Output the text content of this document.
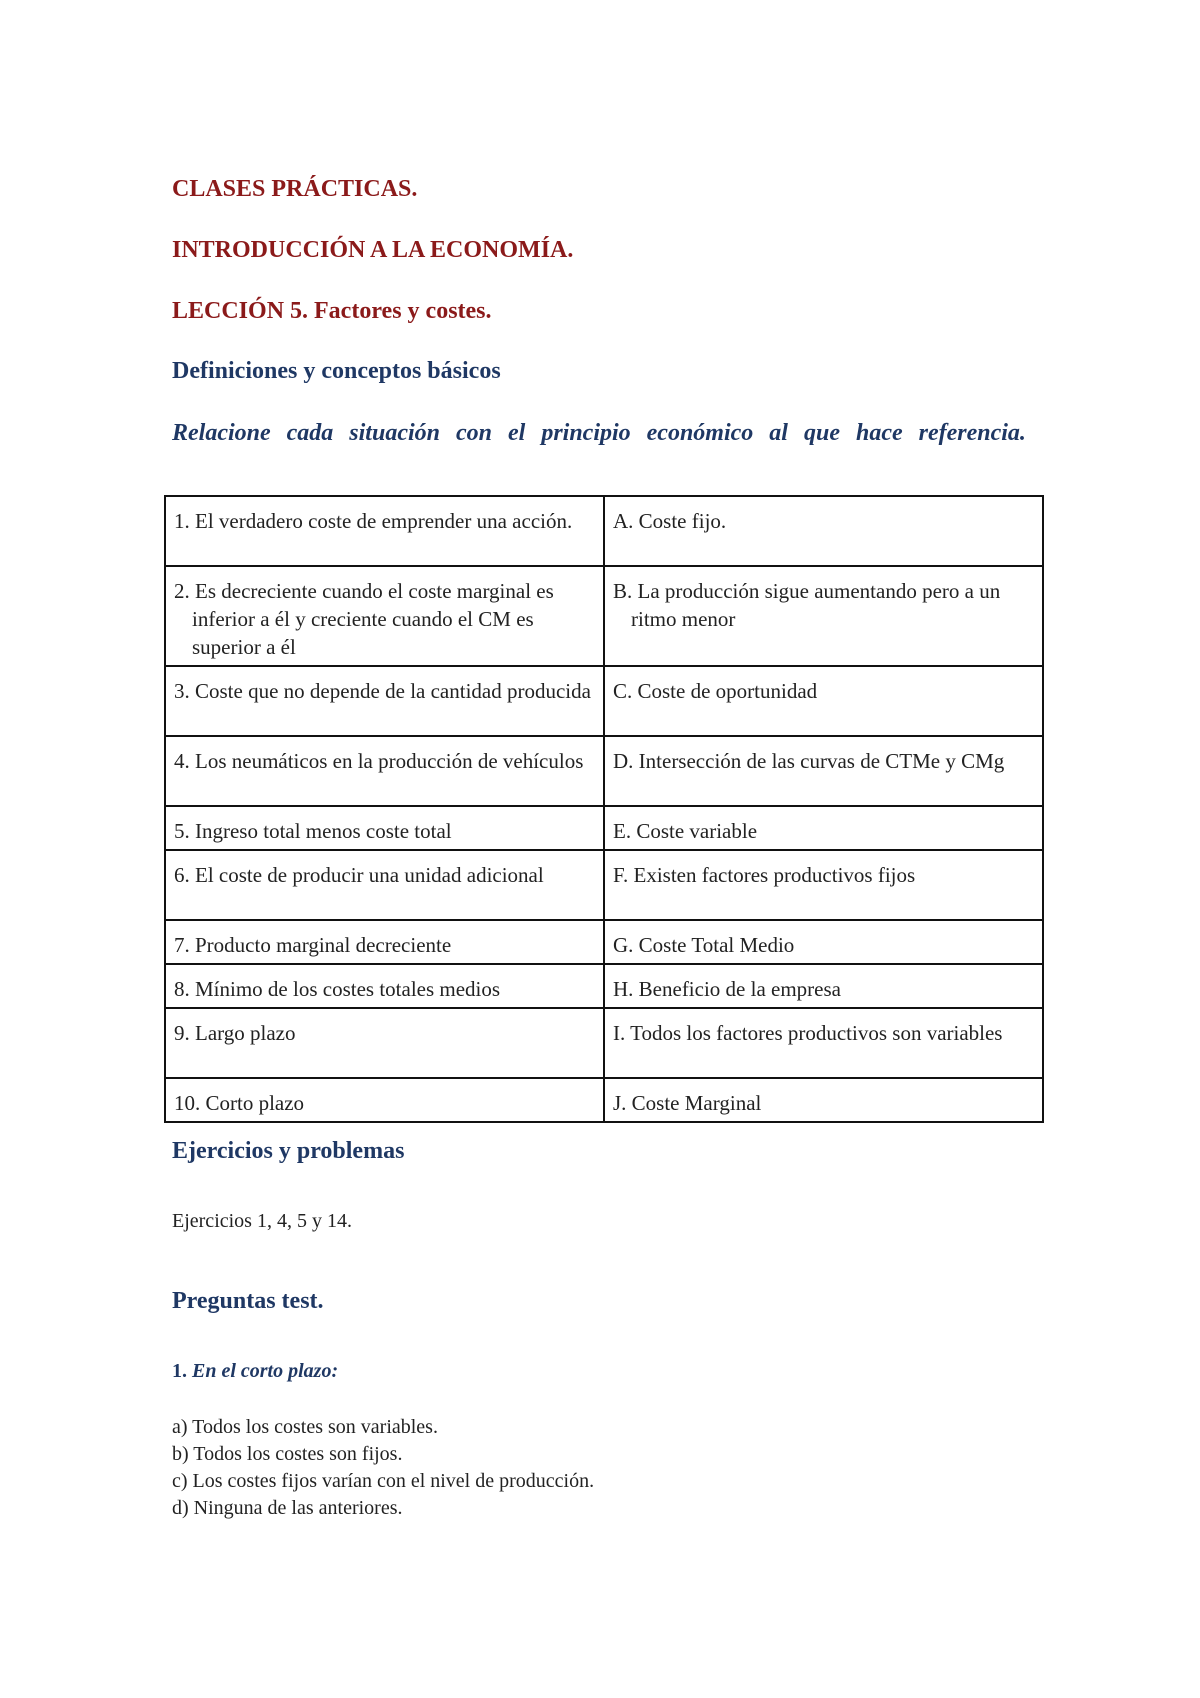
CLASES PRÁCTICAS.

INTRODUCCIÓN A LA ECONOMÍA.

LECCIÓN 5. Factores y costes.

Definiciones y conceptos básicos

Relacione cada situación con el principio económico al que hace referencia.

1. El verdadero coste de emprender una acción.	A. Coste fijo.

2. Es decreciente cuando el coste marginal es inferior a él y creciente cuando el CM es superior a él	B. La producción sigue aumentando pero a un ritmo menor

3. Coste que no depende de la cantidad producida	C. Coste de oportunidad

4. Los neumáticos en la producción de vehículos	D. Intersección de las curvas de CTMe y CMg

5. Ingreso total menos coste total	E. Coste variable

6. El coste de producir una unidad adicional	F. Existen factores productivos fijos

7. Producto marginal decreciente	G. Coste Total Medio

8. Mínimo de los costes totales medios	H. Beneficio de la empresa

9. Largo plazo	I. Todos los factores productivos son variables

10. Corto plazo	J. Coste Marginal

Ejercicios y problemas

Ejercicios 1, 4, 5 y 14.

Preguntas test.

1. En el corto plazo:

a) Todos los costes son variables.
b) Todos los costes son fijos.
c) Los costes fijos varían con el nivel de producción.
d) Ninguna de las anteriores.
